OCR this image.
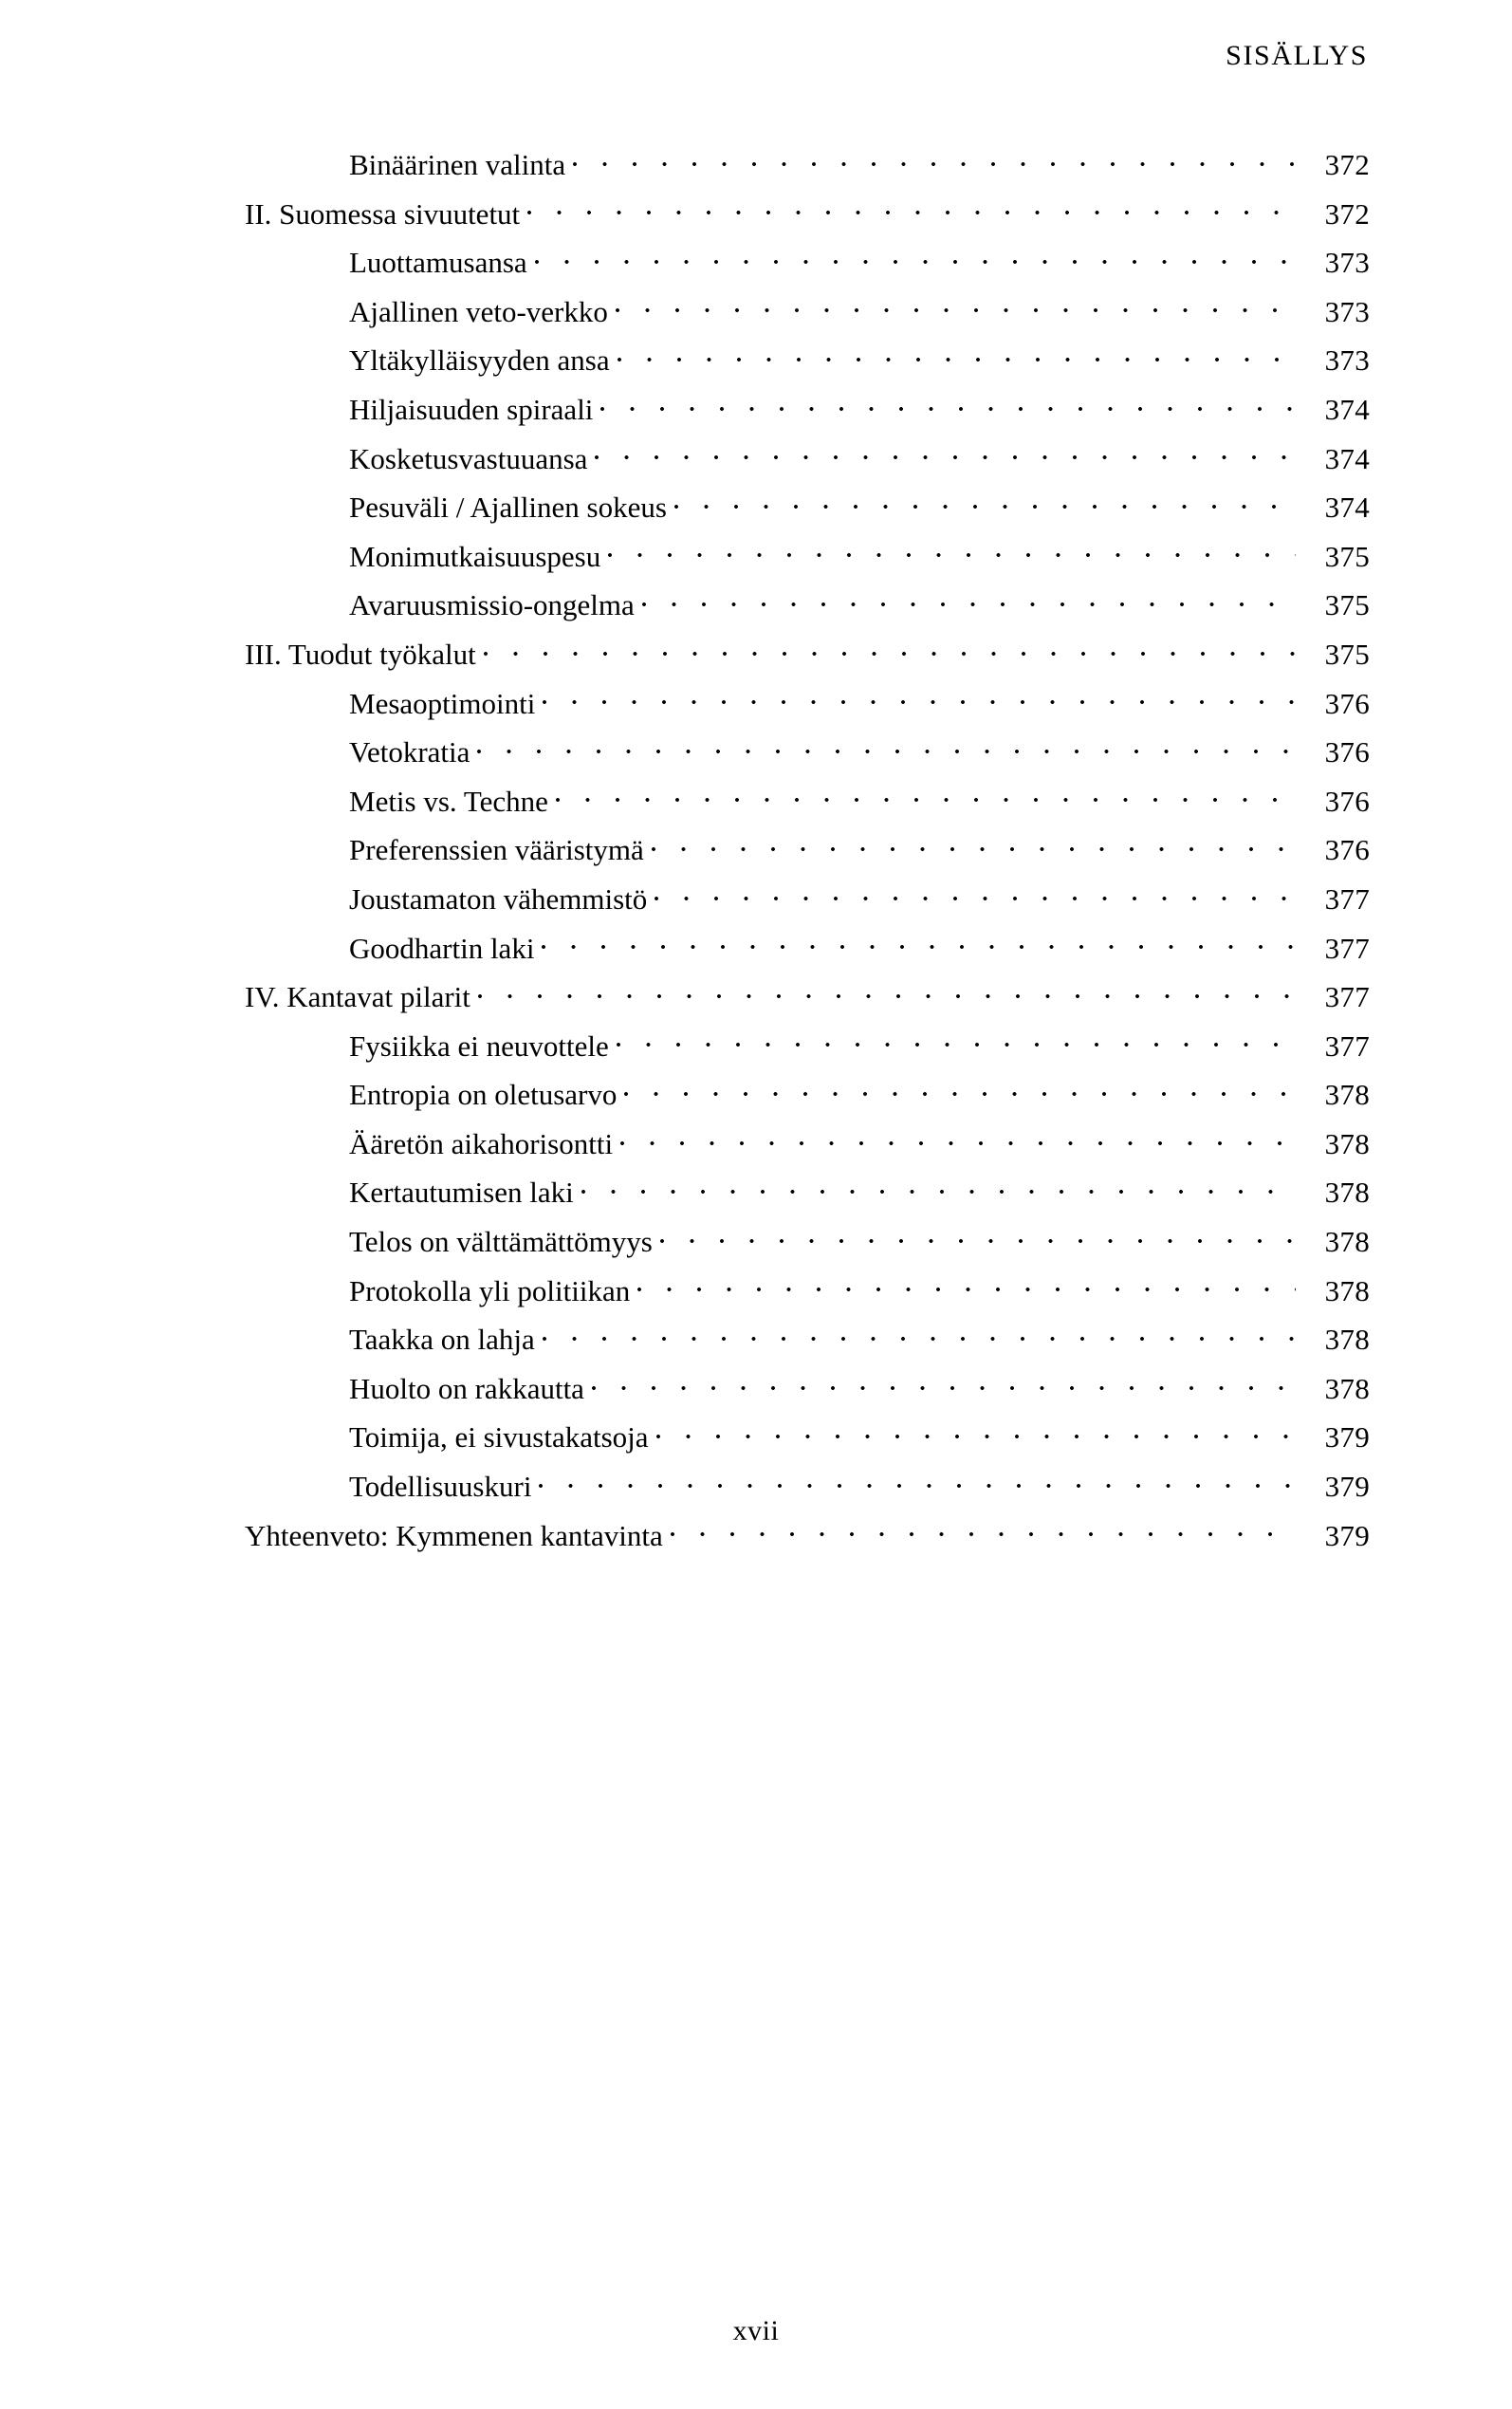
SISÄLLYS
Binäärinen valinta	372
II. Suomessa sivuutetut	372
Luottamusansa	373
Ajallinen veto-verkko	373
Yltäkylläisyyden ansa	373
Hiljaisuuden spiraali	374
Kosketusvastuuansa	374
Pesuväli / Ajallinen sokeus	374
Monimutkaisuuspesu	375
Avaruusmissio-ongelma	375
III. Tuodut työkalut	375
Mesaoptimointi	376
Vetokratia	376
Metis vs. Techne	376
Preferenssien vääristymä	376
Joustamaton vähemmistö	377
Goodhartin laki	377
IV. Kantavat pilarit	377
Fysiikka ei neuvottele	377
Entropia on oletusarvo	378
Ääretön aikahorisontti	378
Kertautumisen laki	378
Telos on välttämättömyys	378
Protokolla yli politiikan	378
Taakka on lahja	378
Huolto on rakkautta	378
Toimija, ei sivustakatsoja	379
Todellisuuskuri	379
Yhteenveto: Kymmenen kantavinta	379
xvii
